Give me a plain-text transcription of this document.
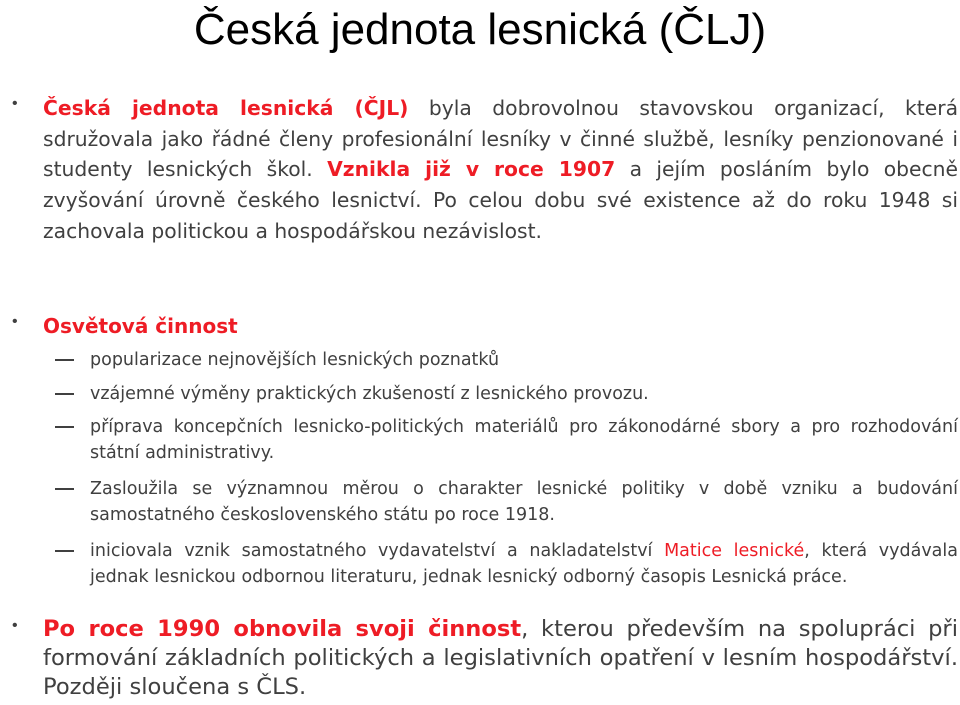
Česká jednota lesnická (ČLJ)
• Česká jednota lesnická (ČJL) byla dobrovolnou stavovskou organizací, která sdružovala jako řádné členy profesionální lesníky v činné službě, lesníky penzionované i studenty lesnických škol. Vznikla již v roce 1907 a jejím posláním bylo obecně zvyšování úrovně českého lesnictví. Po celou dobu své existence až do roku 1948 si zachovala politickou a hospodářskou nezávislost.
• Osvětová činnost
popularizace nejnovějších lesnických poznatků
vzájemné výměny praktických zkušeností z lesnického provozu.
příprava koncepčních lesnicko-politických materiálů pro zákonodárné sbory a pro rozhodování státní administrativy.
Zasloužila se významnou měrou o charakter lesnické politiky v době vzniku a budování samostatného československého státu po roce 1918.
iniciovala vznik samostatného vydavatelství a nakladatelství Matice lesnické, která vydávala jednak lesnickou odbornou literaturu, jednak lesnický odborný časopis Lesnická práce.
• Po roce 1990 obnovila svoji činnost, kterou především na spolupráci při formování základních politických a legislativních opatření v lesním hospodářství. Později sloučena s ČLS.
